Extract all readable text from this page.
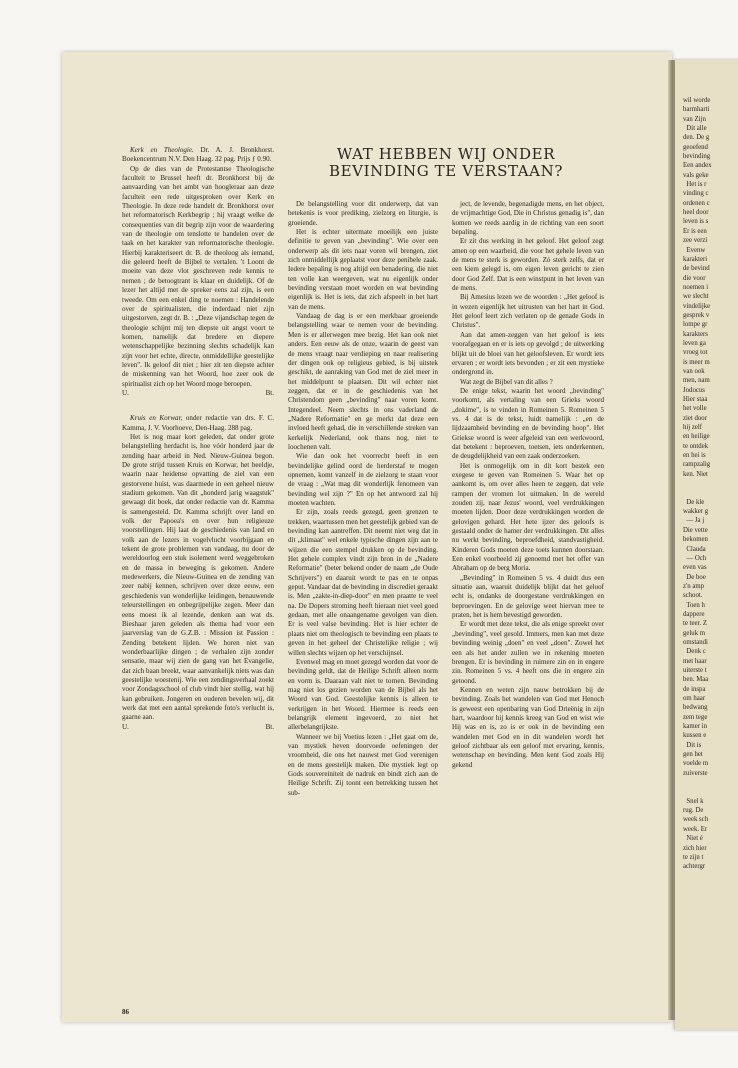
WAT HEBBEN WIJ ONDER BEVINDING TE VERSTAAN?

Kerk en Theologie. Dr. A. J. Bronkhorst. Boekencentrum N.V. Den Haag. 32 pag. Prijs ƒ 0.90.

Op de dies van de Protestantse Theologische faculteit te Brussel heeft dr. Bronkhorst bij de aanvaarding van het ambt van hoogleraar aan deze faculteit een rede uitgesproken over Kerk en Theologie. In deze rede handelt dr. Bronkhorst over het reformatorisch Kerkbegrip ; hij vraagt welke de consequenties van dit begrip zijn voor de waardering van de theologie om tenslotte te handelen over de taak en het karakter van reformatorische theologie. Hierbij karakteriseert dr. B. de theoloog als iemand, die geleerd heeft de Bijbel te vertalen. 't Loont de moeite van deze vlot geschreven rede kennis te nemen ; de betoogtrant is klaar en duidelijk. Of de lezer het altijd met de spreker eens zal zijn, is een tweede. Om een enkel ding te noemen : Handelende over de spiritualisten, die inderdaad niet zijn uitgestorven, zegt dr. B. : „Deze vijandschap tegen de theologie schijnt mij ten diepste uit angst voort te komen, namelijk dat bredere en diepere wetenschappelijke bezinning slechts schadelijk kan zijn voor het echte, directe, onmiddellijke geestelijke leven". Ik geloof dit niet ; hier zit ten diepste achter de miskenning van het Woord, hoe zeer ook de spiritualist zich op het Woord moge beroepen.

U.	Bt.

Kruis en Korwar, onder redactie van drs. F. C. Kamma, J. V. Voorhoeve, Den-Haag. 288 pag.

Het is nog maar kort geleden, dat onder grote belangstelling herdacht is, hoe vóór honderd jaar de zending haar arbeid in Ned. Nieuw-Guinea begon. De grote strijd tussen Kruis en Korwar, het beeldje, waarin naar heidense opvatting de ziel van een gestorvene huist, was daarmede in een geheel nieuw stadium gekomen. Van dit „honderd jarig waagstuk" gewaagt dit boek, dat onder redactie van dr. Kamma is samengesteld. Dr. Kamma schrijft over land en volk der Papoea's en over hun religieuze voorstellingen. Hij laat de geschiedenis van land en volk aan de lezers in vogelvlucht voorbijgaan en tekent de grote problemen van vandaag, nu door de wereldoorlog een stuk isolement werd weggebroken en de massa in beweging is gekomen. Andere medewerkers, die Nieuw-Guinea en de zending van zeer nabij kennen, schrijven over deze eeuw, een geschiedenis van wonderlijke leidingen, benauwende teleurstellingen en onbegrijpelijke zegen. Meer dan eens moest ik al lezende, denken aan wat ds. Bieshaar jaren geleden als thema had voor een jaarverslag van de G.Z.B. : Mission ist Passion : Zending betekent lijden. We horen niet van wonderbaarlijke dingen ; de verhalen zijn zonder sensatie, maar wij zien de gang van het Evangelie, dat zich baan breekt, waar aanvankelijk niets was dan geestelijke woestenij. Wie een zendingsverhaal zoekt voor Zondagsschool of club vindt hier stellig, wat hij kan gebruiken. Jongeren en ouderen bevelen wij, dit werk dat met een aantal sprekende foto's verlucht is, gaarne aan.

U.	Bt.

De belangstelling voor dit onderwerp, dat van betekenis is voor prediking, zielzorg en liturgie, is groeiende.

Het is echter uitermate moeilijk een juiste definitie te geven van „bevinding". Wie over een onderwerp als dit iets naar voren wil brengen, ziet zich onmiddellijk geplaatst voor deze penibele zaak. Iedere bepaling is nog altijd een benadering, die niet ten volle kan weergeven, wat nu eigenlijk onder bevinding verstaan moet worden en wat bevinding eigenlijk is. Het is iets, dat zich afspeelt in het hart van de mens.

Vandaag de dag is er een merkbaar groeiende belangstelling waar te nemen voor de bevinding. Men is er allerwegen mee bezig. Het kan ook niet anders. Een eeuw als de onze, waarin de geest van de mens vraagt naar verdieping en naar realisering der dingen ook op religieus gebied, is bij uitstek geschikt, de aanraking van God met de ziel meer in het middelpunt te plaatsen. Dit wil echter niet zeggen, dat er in de geschiedenis van het Christendom geen „bevinding" naar voren komt. Integendeel. Neem slechts in ons vaderland de „Nadere Reformatie" en ge merkt dat deze een invloed heeft gehad, die in verschillende streken van kerkelijk Nederland, ook thans nog, niet te loochenen valt.

Wie dan ook het voorrecht heeft in een bevindelijke gelind oord de herderstaf te mogen opnemen, komt vanzelf in de zielzorg te staan voor de vraag : „Wat mag dit wonderlijk fenomeen van bevinding wel zijn ?" En op het antwoord zal hij moeten wachten.

Er zijn, zoals reeds gezegd, geen grenzen te trekken, waartussen men het geestelijk gebied van de bevinding kan aantreffen. Dit neemt niet weg dat in dit „klimaat" wel enkele typische dingen zijn aan te wijzen die een stempel drukken op de bevinding. Het gehele complex vindt zijn bron in de „Nadere Reformatie" (beter bekend onder de naam „de Oude Schrijvers") en daaruit wordt te pas en te onpas geput. Vandaar dat de bevinding in discrediet geraakt is. Men „zakte-in-diep-door" en men praatte te veel na. De Dopers stroming heeft hieraan niet veel goed gedaan, met alle onaangename gevolgen van dien. Er is veel valse bevinding. Het is hier echter de plaats niet om theologisch te bevinding een plaats te geven in het geheel der Christelijke religie ; wij willen slechts wijzen op het verschijnsel.

Evenwel mag en moet gezegd worden dat voor de bevinding geldt, dat de Heilige Schrift alleen norm en vorm is. Daaraan valt niet te tornen. Bevinding mag niet los gezien worden van de Bijbel als het Woord van God. Geestelijke kennis is alleen te verkrijgen in het Woord. Hiermee is reeds een belangrijk element ingevoerd, zo niet het allerbelangrijkste.

Wanneer we bij Voetius lezen : „Het gaat om de, van mystiek heven doorvoede oefeningen der vroomheid, die ons het nauwst met God verenigen en de mens geestelijk maken. Die mystiek legt op Gods souvereiniteit de nadruk en bindt zich aan de Heilige Schrift. Zij toont een betrekking tussen het sub-

ject, de levende, begenadigde mens, en het object, de vrijmachtige God, Die in Christus genadig is", dan komen we reeds aardig in de richting van een soort bepaling.

Er zit dus werking in het geloof. Het geloof zegt amen op een waarheid, die voor het gehele leven van de mens te sterk is geworden. Zó sterk zelfs, dat er een kiem gelegd is, om eigen leven gericht te zien door God Zelf. Dat is een winstpunt in het leven van de mens.

Bij Amesius lezen we de woorden : „Het geloof is in wezen eigenlijk het uitrusten van het hart in God. Het geloof leert zich verlaten op de genade Gods in Christus".

Aan dat amen-zeggen van het geloof is iets voorafgegaan en er is iets op gevolgd ; de uitwerking blijkt uit de bloei van het geloofsleven. Er wordt iets ervaren ; er wordt iets bevonden ; er zit een mystieke ondergrond in.

Wat zegt de Bijbel van dit alles ?

De enige tekst, waarin het woord „bevinding" voorkomt, als vertaling van een Grieks woord „dokime", is te vinden in Romeinen 5. Romeinen 5 vs. 4 dat is de tekst, luidt namelijk : „en de lijdzaamheid bevinding en de bevinding hoop". Het Griekse woord is weer afgeleid van een werkwoord, dat betekent : beproeven, toetsen, iets onderkennen, de deugdelijkheid van een zaak onderzoeken.

Het is onmogelijk om in dit kort bestek een exegese te geven van Romeinen 5. Waar het op aankomt is, om over alles heen te zeggen, dat vele rampen der vromen lot uitmaken. In de wereld zouden zij, naar Jezus' woord, veel verdrukkingen moeten lijden. Door deze verdrukkingen worden de gelovigen gehard. Het hete ijzer des geloofs is gestaald onder de hamer der verdrukkingen. Dit alles nu werkt bevinding, beproefdheid, standvastigheid. Kinderen Gods moeten deze toets kunnen doorstaan. Een enkel voorbeeld zij genoemd met het offer van Abraham op de berg Moria.

„Bevinding" in Romeinen 5 vs. 4 duidt dus een situatie aan, waaruit duidelijk blijkt dat het geloof echt is, ondanks de doorgestane verdrukkingen en beproevingen. En de gelovige weet hiervan mee te praten, het is hem bevestigd geworden.

Er wordt met deze tekst, die als enige spreekt over „bevinding", veel gesold. Immers, men kan met deze bevinding weinig „doen" en veel „doen". Zowel het een als het ander zullen we in rekening moeten brengen. Er is bevinding in ruimere zin en in engere zin. Romeinen 5 vs. 4 heeft ons die in engere zin getoond.

Kennen en weten zijn nauw betrokken bij de bevinding. Zoals het wandelen van God met Henoch is geweest een openbaring van God Drieënig in zijn hart, waardoor hij kennis kreeg van God en wist wie Hij was en is, zo is er ook in de bevinding een wandelen met God en in dit wandelen wordt het geloof zichtbaar als een geloof met ervaring, kennis, wetenschap en bevinding. Men kent God zoals Hij gekend

86
wil worde
barmharti
van Zijn
Dit alle
den. De g
geoefend
bevinding
Een andex
vals geke
Het is r
vinding c
ordenen c
heel door
leven is s
Er is een
zee verzi
Evenw
karakteri
de bevind
die voor
noemen i
we slecht
vindelijke
gesprek v
lompe gr
karakters
leven ga
vroeg tot
is meer m
van ook
men, nam
Jodocus
Hier staa
het volle
ziet door
hij zelf
en heilige
te ontdek
en hei is
rampzalig
ken. Niet

De kle
wakker g
— Ja j
Die vette
bekomen
Clauda
— Och
even vas
De boe
z'n amp
schoot.
Toen h
dappere
te teer. Z
geluk m
omstandi
Denk c
met haar
uiterste t
ben. Maa
de inspa
om haar
bedwang
zem tege
kamer in
kussen e
Dit is
gen het
voelde m
zuiverste

Snel k
rug. De
week sch
week. Er
Niet é
zich hier
te zijn t
achtergr
